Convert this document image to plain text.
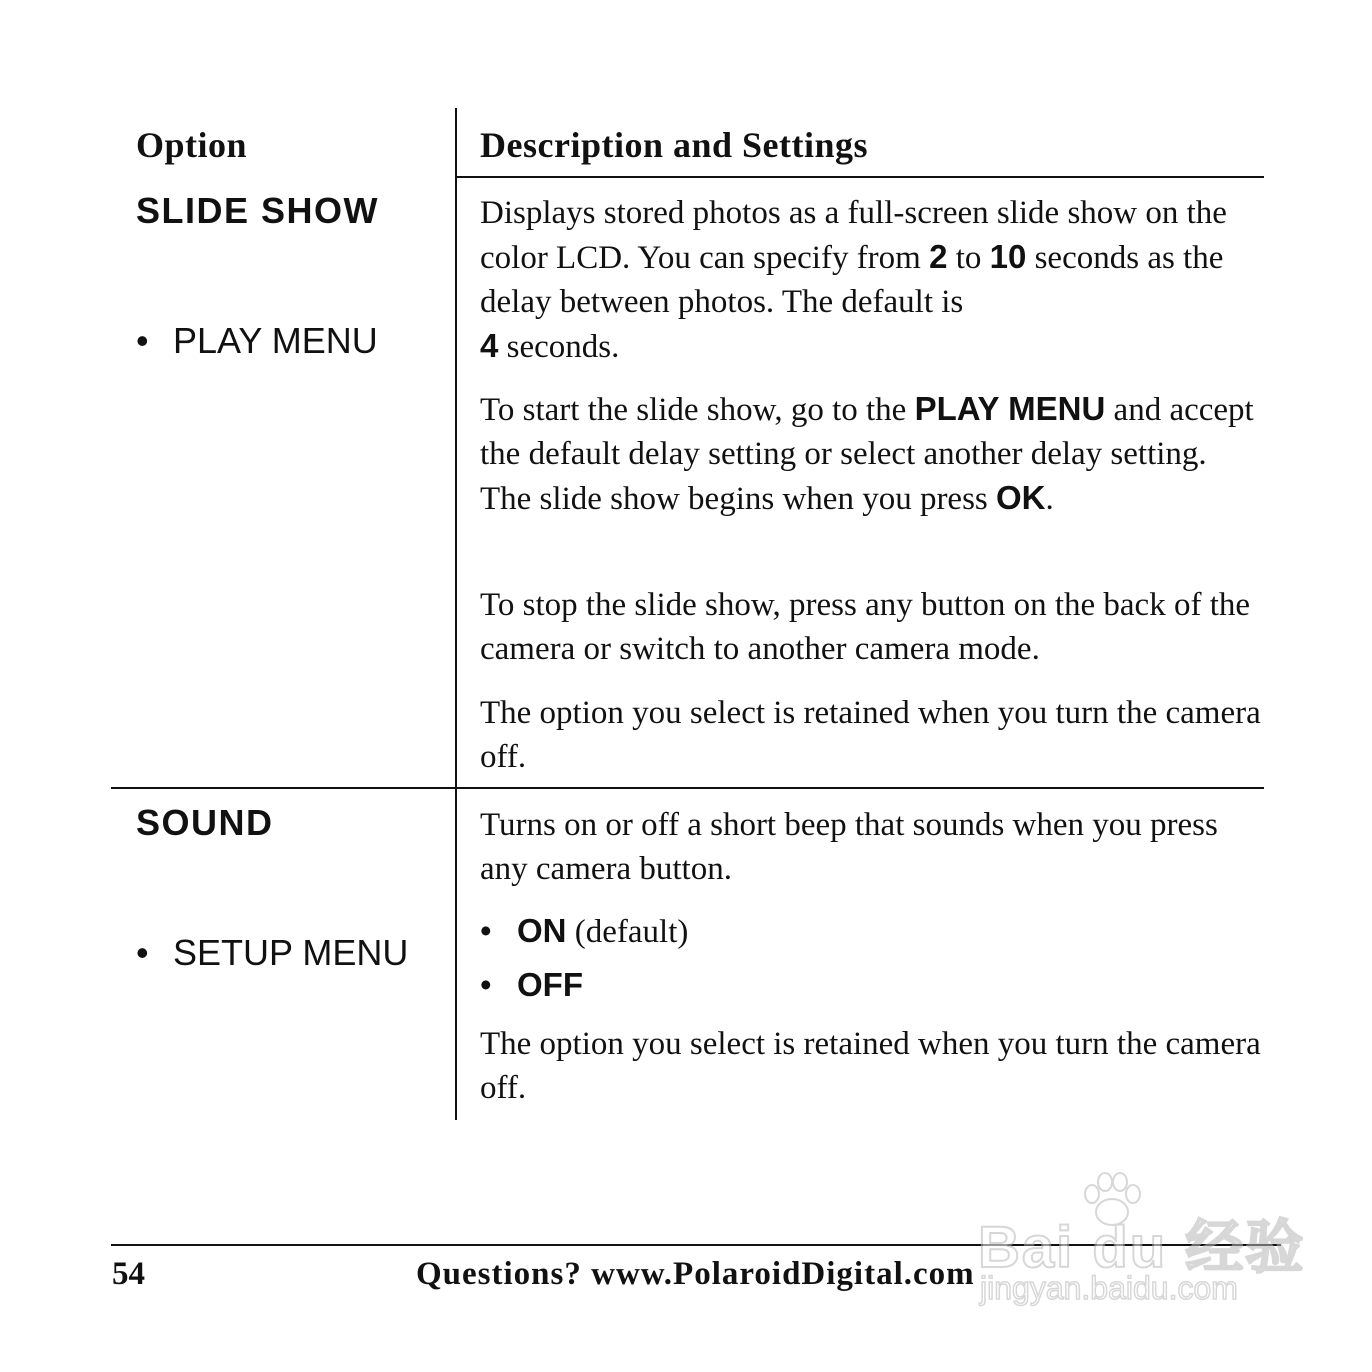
Option	Description and Settings
SLIDE SHOW
• PLAY MENU

Displays stored photos as a full-screen slide show on the color LCD. You can specify from 2 to 10 seconds as the delay between photos. The default is
4 seconds.

To start the slide show, go to the PLAY MENU and accept the default delay setting or select another delay setting. The slide show begins when you press OK.

To stop the slide show, press any button on the back of the camera or switch to another camera mode.

The option you select is retained when you turn the camera off.

SOUND
• SETUP MENU

Turns on or off a short beep that sounds when you press any camera button.

• ON (default)
• OFF

The option you select is retained when you turn the camera off.

54	Questions? www.PolaroidDigital.com Bai du 经验
jingyan.baidu.com
